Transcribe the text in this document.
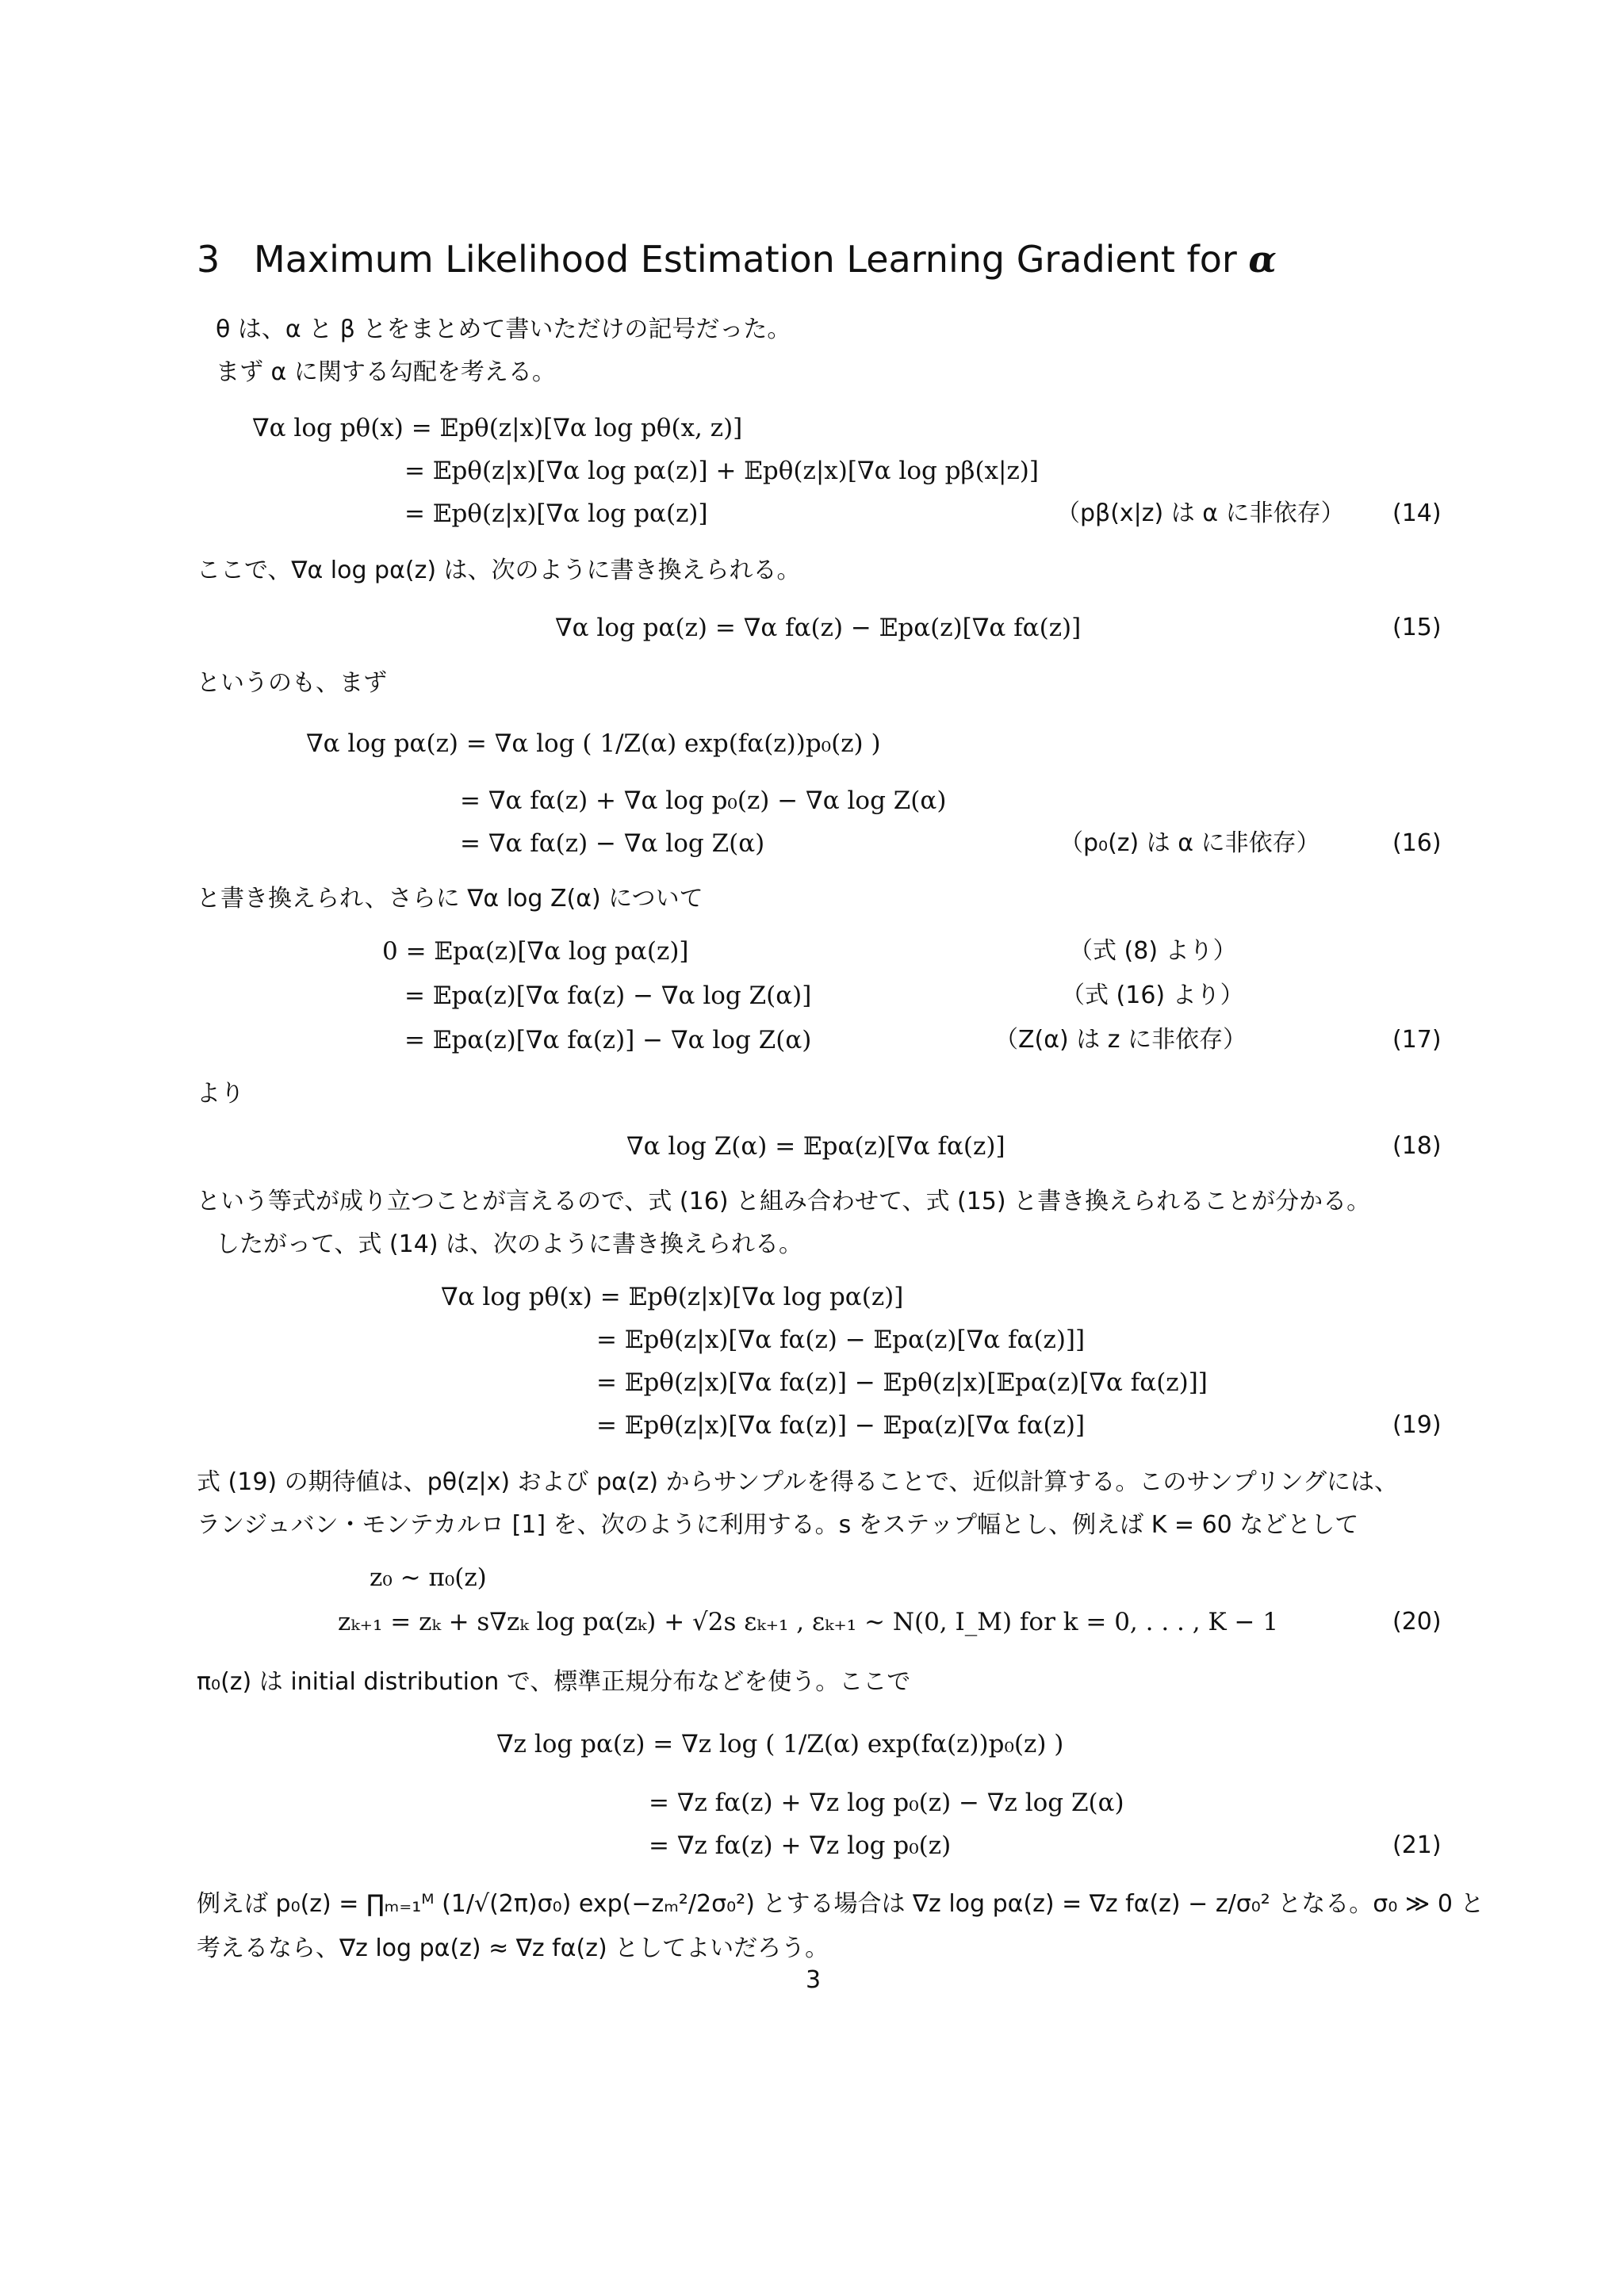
3 Maximum Likelihood Estimation Learning Gradient for α
θ は、α と β とをまとめて書いただけの記号だった。
まず α に関する勾配を考える。
∇α log pθ(x) = 𝔼pθ(z|x)[∇α log pθ(x, z)]
= 𝔼pθ(z|x)[∇α log pα(z)] + 𝔼pθ(z|x)[∇α log pβ(x|z)]
= 𝔼pθ(z|x)[∇α log pα(z)]	（pβ(x|z) は α に非依存） (14)
ここで、∇α log pα(z) は、次のように書き換えられる。
∇α log pα(z) = ∇α fα(z) − 𝔼pα(z)[∇α fα(z)]	(15)
というのも、まず
∇α log pα(z) = ∇α log ( 1/Z(α) exp(fα(z))p₀(z) )
= ∇α fα(z) + ∇α log p₀(z) − ∇α log Z(α)
= ∇α fα(z) − ∇α log Z(α)	（p₀(z) は α に非依存）	(16)
と書き換えられ、さらに ∇α log Z(α) について
0 = 𝔼pα(z)[∇α log pα(z)]	（式 (8) より）
= 𝔼pα(z)[∇α fα(z) − ∇α log Z(α)]	（式 (16) より）
= 𝔼pα(z)[∇α fα(z)] − ∇α log Z(α)	（Z(α) は z に非依存）	(17)
より
∇α log Z(α) = 𝔼pα(z)[∇α fα(z)]	(18)
という等式が成り立つことが言えるので、式 (16) と組み合わせて、式 (15) と書き換えられることが分かる。
したがって、式 (14) は、次のように書き換えられる。
∇α log pθ(x) = 𝔼pθ(z|x)[∇α log pα(z)]
= 𝔼pθ(z|x)[∇α fα(z) − 𝔼pα(z)[∇α fα(z)]]
= 𝔼pθ(z|x)[∇α fα(z)] − 𝔼pθ(z|x)[𝔼pα(z)[∇α fα(z)]]
= 𝔼pθ(z|x)[∇α fα(z)] − 𝔼pα(z)[∇α fα(z)]	(19)
式 (19) の期待値は、pθ(z|x) および pα(z) からサンプルを得ることで、近似計算する。このサンプリングには、
ランジュバン・モンテカルロ [1] を、次のように利用する。s をステップ幅とし、例えば K = 60 などとして
z₀ ∼ π₀(z)
zₖ₊₁ = zₖ + s∇zₖ log pα(zₖ) + √2s εₖ₊₁ , εₖ₊₁ ∼ N(0, I_M) for k = 0, . . . , K − 1	(20)
π₀(z) は initial distribution で、標準正規分布などを使う。ここで
∇z log pα(z) = ∇z log ( 1/Z(α) exp(fα(z))p₀(z) )
= ∇z fα(z) + ∇z log p₀(z) − ∇z log Z(α)
= ∇z fα(z) + ∇z log p₀(z)	(21)
例えば p₀(z) = ∏ₘ₌₁ᴹ (1/√(2π)σ₀) exp(−zₘ²/2σ₀²) とする場合は ∇z log pα(z) = ∇z fα(z) − z/σ₀² となる。σ₀ ≫ 0 と
考えるなら、∇z log pα(z) ≈ ∇z fα(z) としてよいだろう。
3
